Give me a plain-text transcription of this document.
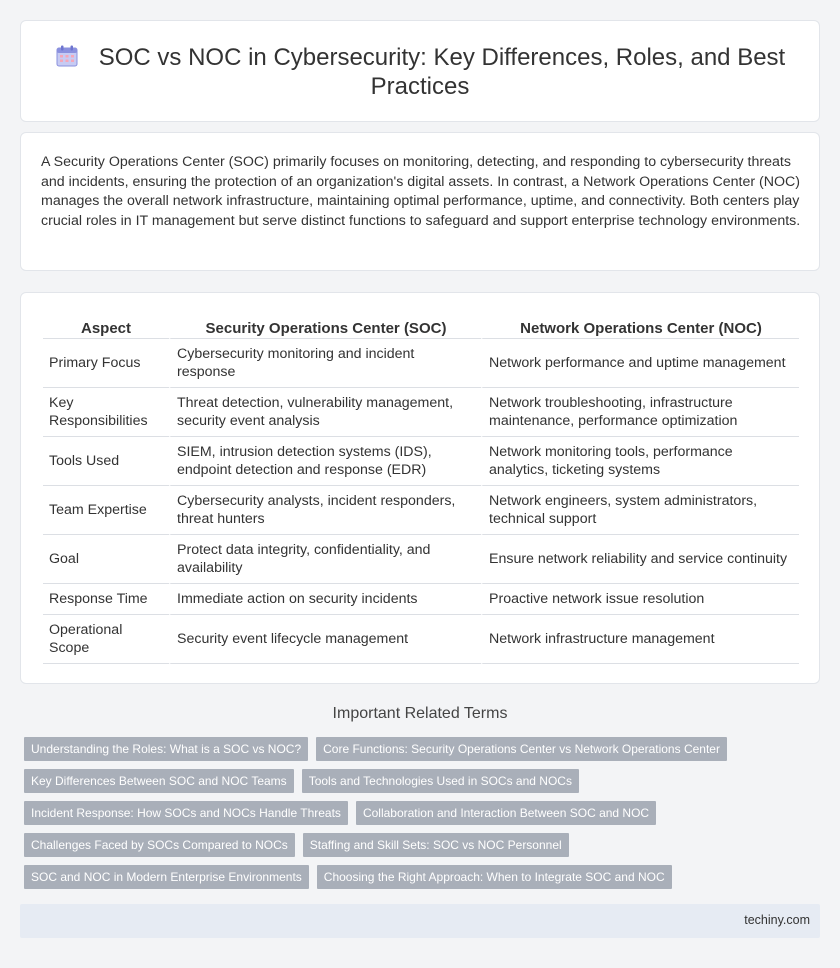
SOC vs NOC in Cybersecurity: Key Differences, Roles, and Best Practices

A Security Operations Center (SOC) primarily focuses on monitoring, detecting, and responding to cybersecurity threats and incidents, ensuring the protection of an organization's digital assets. In contrast, a Network Operations Center (NOC) manages the overall network infrastructure, maintaining optimal performance, uptime, and connectivity. Both centers play crucial roles in IT management but serve distinct functions to safeguard and support enterprise technology environments.

Aspect	Security Operations Center (SOC)	Network Operations Center (NOC)
Primary Focus	Cybersecurity monitoring and incident response	Network performance and uptime management
Key Responsibilities	Threat detection, vulnerability management, security event analysis	Network troubleshooting, infrastructure maintenance, performance optimization
Tools Used	SIEM, intrusion detection systems (IDS), endpoint detection and response (EDR)	Network monitoring tools, performance analytics, ticketing systems
Team Expertise	Cybersecurity analysts, incident responders, threat hunters	Network engineers, system administrators, technical support
Goal	Protect data integrity, confidentiality, and availability	Ensure network reliability and service continuity
Response Time	Immediate action on security incidents	Proactive network issue resolution
Operational Scope	Security event lifecycle management	Network infrastructure management
Important Related Terms
Understanding the Roles: What is a SOC vs NOC?	Core Functions: Security Operations Center vs Network Operations Center
Key Differences Between SOC and NOC Teams	Tools and Technologies Used in SOCs and NOCs
Incident Response: How SOCs and NOCs Handle Threats	Collaboration and Interaction Between SOC and NOC
Challenges Faced by SOCs Compared to NOCs	Staffing and Skill Sets: SOC vs NOC Personnel
SOC and NOC in Modern Enterprise Environments	Choosing the Right Approach: When to Integrate SOC and NOC
techiny.com
